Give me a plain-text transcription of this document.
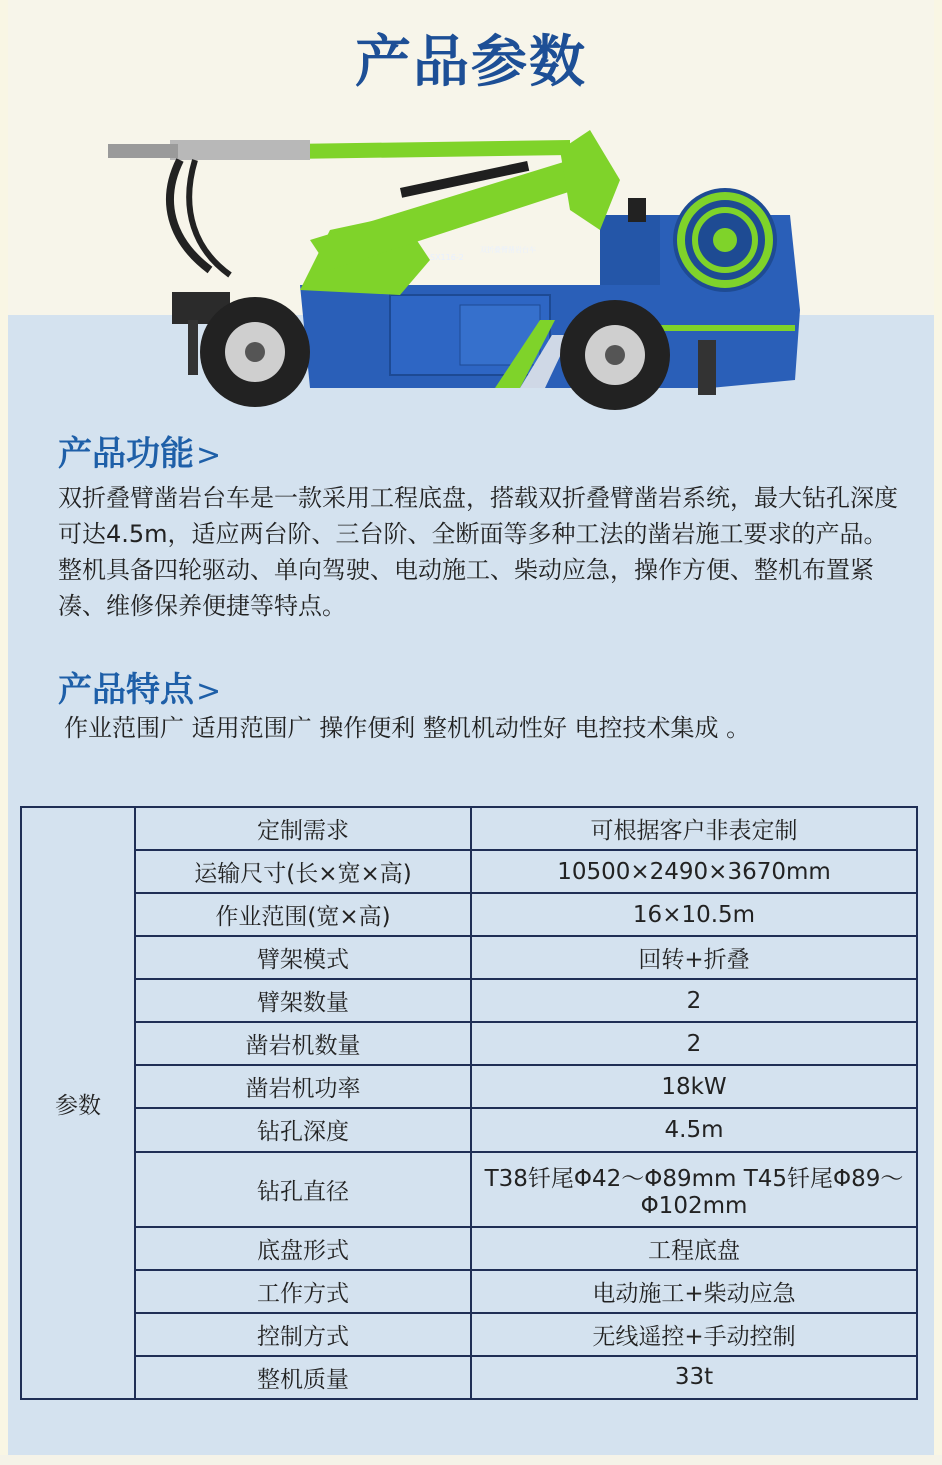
产品参数
SX116-2
双折叠臂凿岩台车
产品功能>
双折叠臂凿岩台车是一款采用工程底盘，搭载双折叠臂凿岩系统，最大钻孔深度可达4.5m，适应两台阶、三台阶、全断面等多种工法的凿岩施工要求的产品。整机具备四轮驱动、单向驾驶、电动施工、柴动应急，操作方便、整机布置紧凑、维修保养便捷等特点。
产品特点>
作业范围广 适用范围广 操作便利 整机机动性好 电控技术集成 。
参数	定制需求	可根据客户非表定制
	运输尺寸(长×宽×高)	10500×2490×3670mm
	作业范围(宽×高)	16×10.5m
	臂架模式	回转+折叠
	臂架数量	2
	凿岩机数量	2
	凿岩机功率	18kW
	钻孔深度	4.5m
	钻孔直径	T38钎尾Φ42～Φ89mm T45钎尾Φ89～Φ102mm
	底盘形式	工程底盘
	工作方式	电动施工+柴动应急
	控制方式	无线遥控+手动控制
	整机质量	33t
